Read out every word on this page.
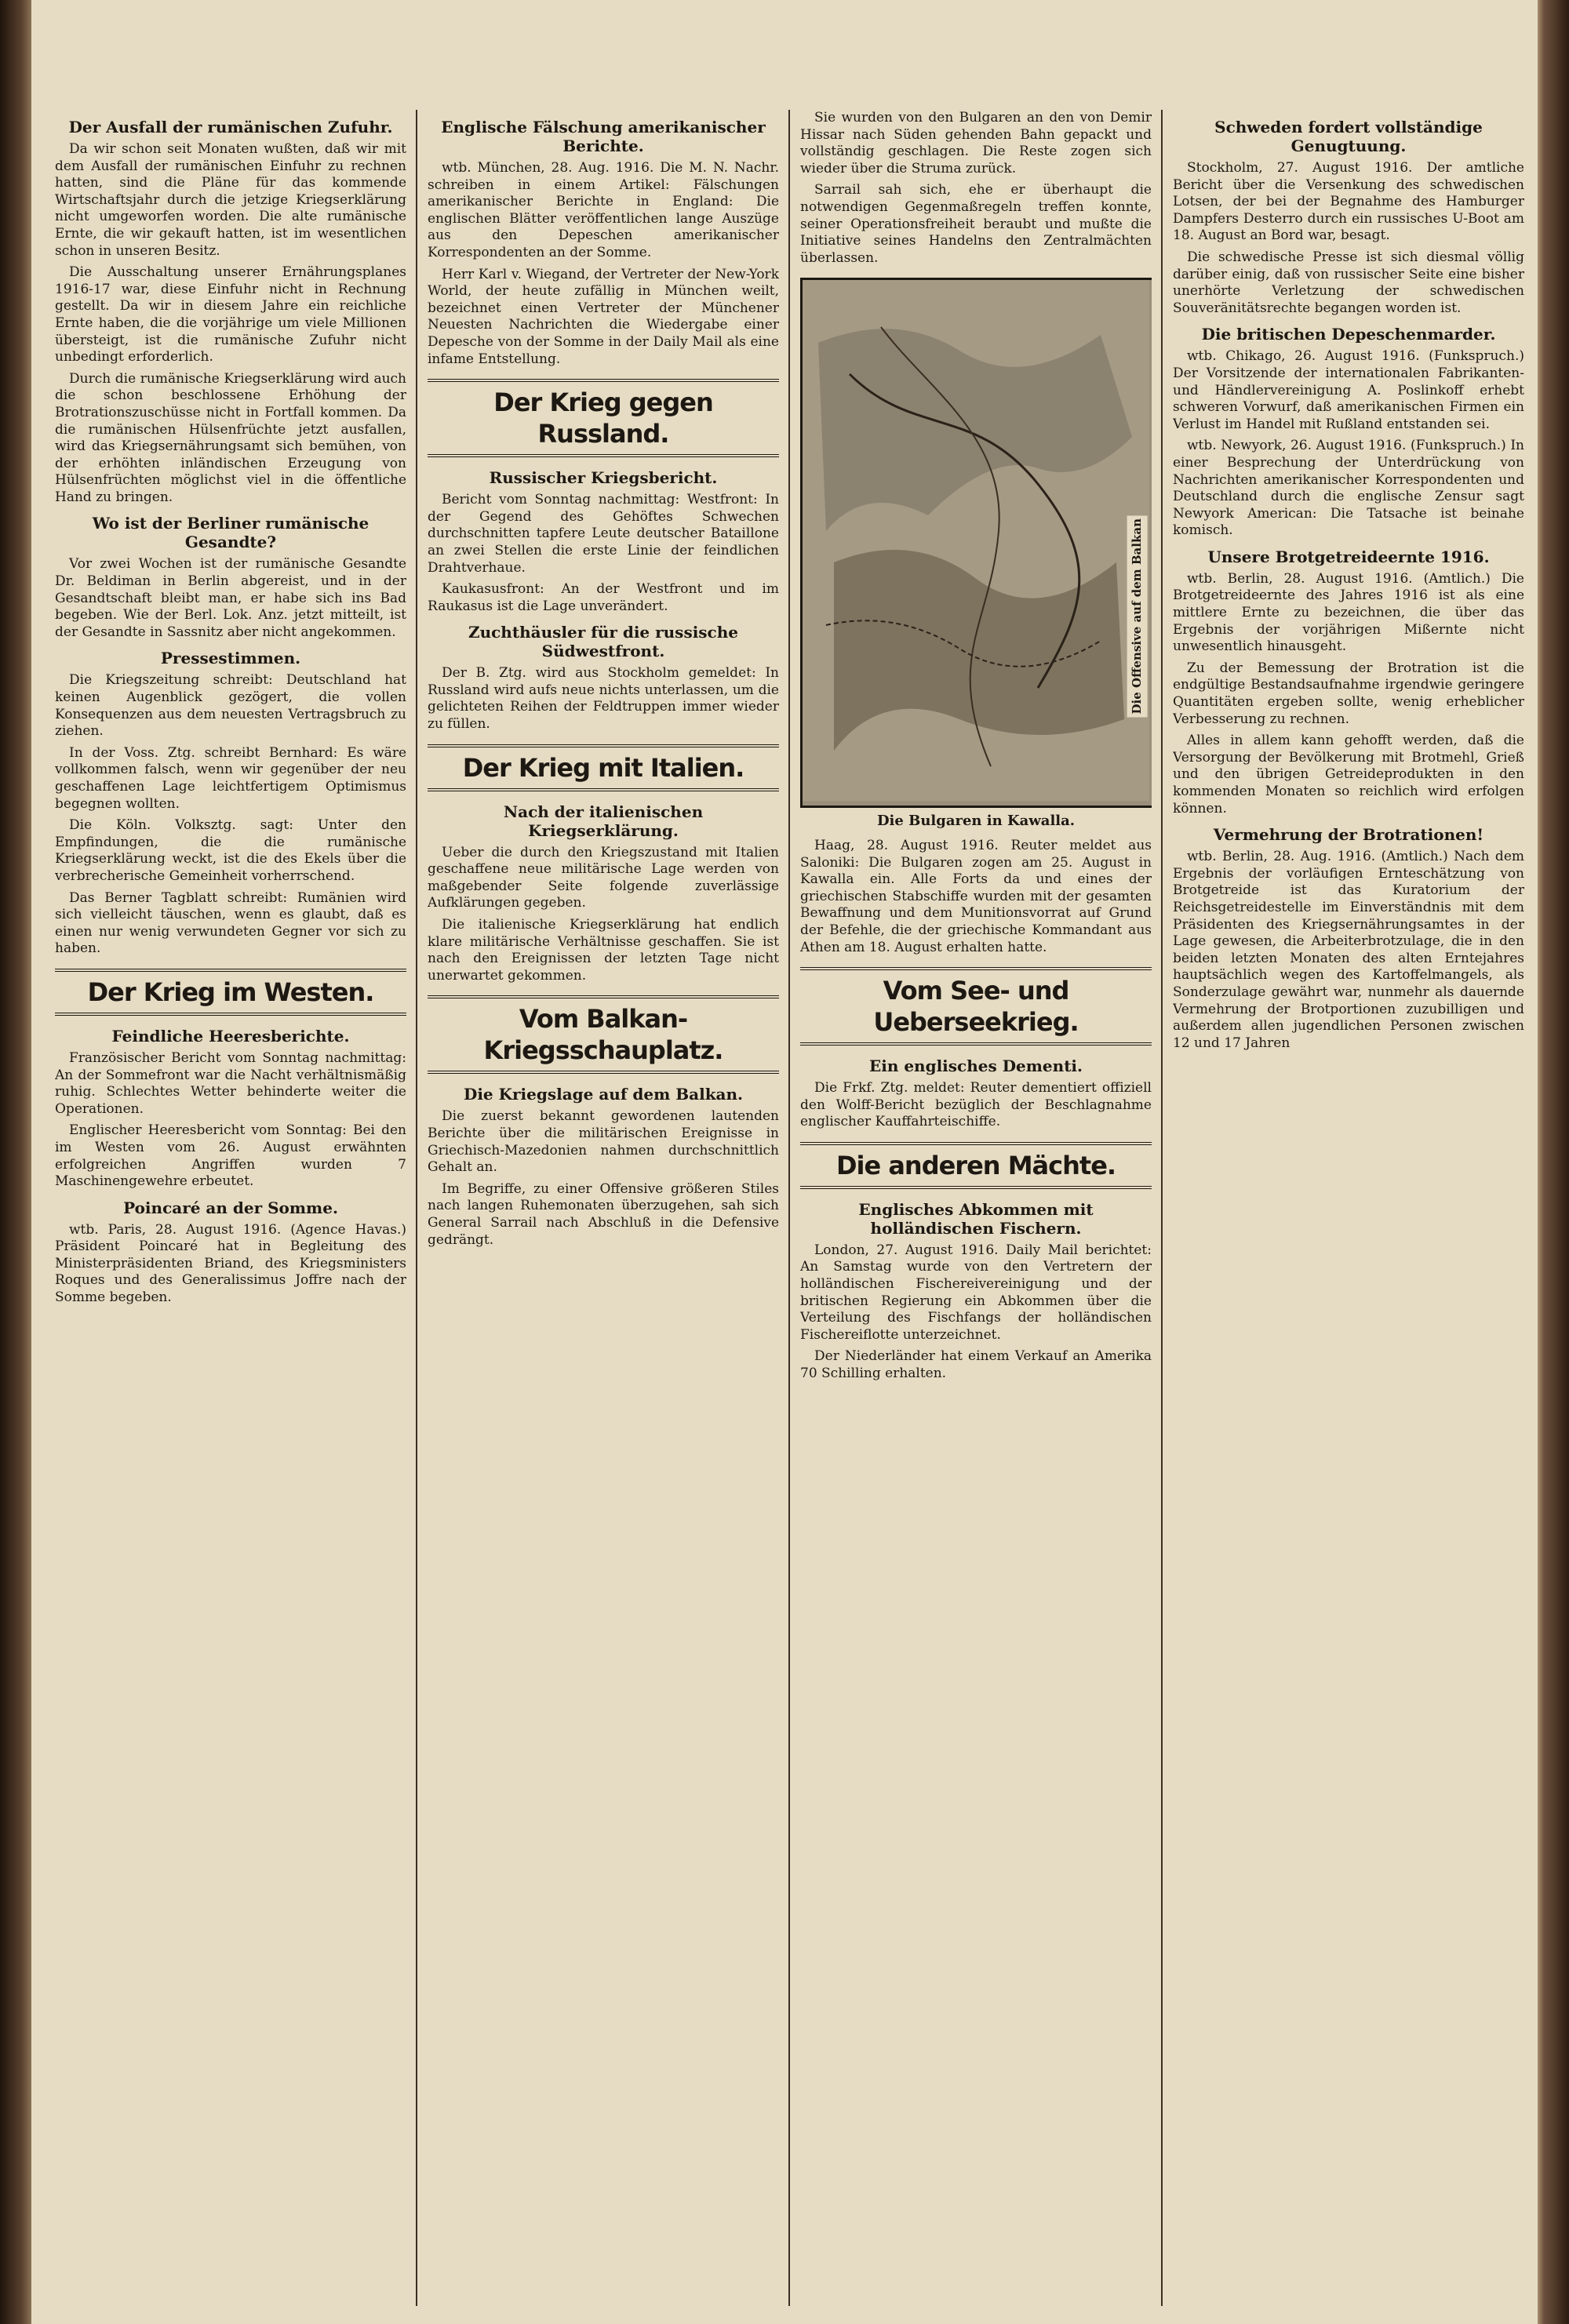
Der Ausfall der rumänischen Zufuhr.

Da wir schon seit Monaten wußten, daß wir mit dem Ausfall der rumänischen Einfuhr zu rechnen hatten, sind die Pläne für das kommende Wirtschaftsjahr durch die jetzige Kriegserklärung nicht umgeworfen worden. Die alte rumänische Ernte, die wir gekauft hatten, ist im wesentlichen schon in unseren Besitz.

Die Ausschaltung unserer Ernährungsplanes 1916-17 war, diese Einfuhr nicht in Rechnung gestellt. Da wir in diesem Jahre ein reichliche Ernte haben, die die vorjährige um viele Millionen übersteigt, ist die rumänische Zufuhr nicht unbedingt erforderlich.

Durch die rumänische Kriegserklärung wird auch die schon beschlossene Erhöhung der Brotrationszuschüsse nicht in Fortfall kommen. Da die rumänischen Hülsenfrüchte jetzt ausfallen, wird das Kriegsernährungsamt sich bemühen, von der erhöhten inländischen Erzeugung von Hülsenfrüchten möglichst viel in die öffentliche Hand zu bringen.

Wo ist der Berliner rumänische Gesandte?

Vor zwei Wochen ist der rumänische Gesandte Dr. Beldiman in Berlin abgereist, und in der Gesandtschaft bleibt man, er habe sich ins Bad begeben. Wie der Berl. Lok. Anz. jetzt mitteilt, ist der Gesandte in Sassnitz aber nicht angekommen.

Pressestimmen.

Die Kriegszeitung schreibt: Deutschland hat keinen Augenblick gezögert, die vollen Konsequenzen aus dem neuesten Vertragsbruch zu ziehen.

In der Voss. Ztg. schreibt Bernhard: Es wäre vollkommen falsch, wenn wir gegenüber der neu geschaffenen Lage leichtfertigem Optimismus begegnen wollten.

Die Köln. Volksztg. sagt: Unter den Empfindungen, die die rumänische Kriegserklärung weckt, ist die des Ekels über die verbrecherische Gemeinheit vorherrschend.

Das Berner Tagblatt schreibt: Rumänien wird sich vielleicht täuschen, wenn es glaubt, daß es einen nur wenig verwundeten Gegner vor sich zu haben.

Der Krieg im Westen.
Feindliche Heeresberichte.

Französischer Bericht vom Sonntag nachmittag: An der Sommefront war die Nacht verhältnismäßig ruhig. Schlechtes Wetter behinderte weiter die Operationen.

Englischer Heeresbericht vom Sonntag: Bei den im Westen vom 26. August erwähnten erfolgreichen Angriffen wurden 7 Maschinengewehre erbeutet.

Poincaré an der Somme.

wtb. Paris, 28. August 1916. (Agence Havas.) Präsident Poincaré hat in Begleitung des Ministerpräsidenten Briand, des Kriegsministers Roques und des Generalissimus Joffre nach der Somme begeben.

Englische Fälschung amerikanischer Berichte.

wtb. München, 28. Aug. 1916. Die M. N. Nachr. schreiben in einem Artikel: Fälschungen amerikanischer Berichte in England: Die englischen Blätter veröffentlichen lange Auszüge aus den Depeschen amerikanischer Korrespondenten an der Somme.

Herr Karl v. Wiegand, der Vertreter der New-York World, der heute zufällig in München weilt, bezeichnet einen Vertreter der Münchener Neuesten Nachrichten die Wiedergabe einer Depesche von der Somme in der Daily Mail als eine infame Entstellung.

Der Krieg gegen Russland.
Russischer Kriegsbericht.

Bericht vom Sonntag nachmittag: Westfront: In der Gegend des Gehöftes Schwechen durchschnitten tapfere Leute deutscher Bataillone an zwei Stellen die erste Linie der feindlichen Drahtverhaue.

Kaukasusfront: An der Westfront und im Raukasus ist die Lage unverändert.

Zuchthäusler für die russische Südwestfront.

Der B. Ztg. wird aus Stockholm gemeldet: In Russland wird aufs neue nichts unterlassen, um die gelichteten Reihen der Feldtruppen immer wieder zu füllen.

Der Krieg mit Italien.
Nach der italienischen Kriegserklärung.

Ueber die durch den Kriegszustand mit Italien geschaffene neue militärische Lage werden von maßgebender Seite folgende zuverlässige Aufklärungen gegeben.

Die italienische Kriegserklärung hat endlich klare militärische Verhältnisse geschaffen. Sie ist nach den Ereignissen der letzten Tage nicht unerwartet gekommen.

Vom Balkan-Kriegsschauplatz.
Die Kriegslage auf dem Balkan.

Die zuerst bekannt gewordenen lautenden Berichte über die militärischen Ereignisse in Griechisch-Mazedonien nahmen durchschnittlich Gehalt an.

Im Begriffe, zu einer Offensive größeren Stiles nach langen Ruhemonaten überzugehen, sah sich General Sarrail nach Abschluß in die Defensive gedrängt.

Sie wurden von den Bulgaren an den von Demir Hissar nach Süden gehenden Bahn gepackt und vollständig geschlagen. Die Reste zogen sich wieder über die Struma zurück.

Sarrail sah sich, ehe er überhaupt die notwendigen Gegenmaßregeln treffen konnte, seiner Operationsfreiheit beraubt und mußte die Initiative seines Handelns den Zentralmächten überlassen.

Die Offensive auf dem Balkan
Die Bulgaren in Kawalla.

Haag, 28. August 1916. Reuter meldet aus Saloniki: Die Bulgaren zogen am 25. August in Kawalla ein. Alle Forts da und eines der griechischen Stabschiffe wurden mit der gesamten Bewaffnung und dem Munitionsvorrat auf Grund der Befehle, die der griechische Kommandant aus Athen am 18. August erhalten hatte.

Vom See- und Ueberseekrieg.
Ein englisches Dementi.

Die Frkf. Ztg. meldet: Reuter dementiert offiziell den Wolff-Bericht bezüglich der Beschlagnahme englischer Kauffahrteischiffe.

Die anderen Mächte.
Englisches Abkommen mit holländischen Fischern.

London, 27. August 1916. Daily Mail berichtet: An Samstag wurde von den Vertretern der holländischen Fischereivereinigung und der britischen Regierung ein Abkommen über die Verteilung des Fischfangs der holländischen Fischereiflotte unterzeichnet.

Der Niederländer hat einem Verkauf an Amerika 70 Schilling erhalten.

Schweden fordert vollständige Genugtuung.

Stockholm, 27. August 1916. Der amtliche Bericht über die Versenkung des schwedischen Lotsen, der bei der Begnahme des Hamburger Dampfers Desterro durch ein russisches U-Boot am 18. August an Bord war, besagt.

Die schwedische Presse ist sich diesmal völlig darüber einig, daß von russischer Seite eine bisher unerhörte Verletzung der schwedischen Souveränitätsrechte begangen worden ist.

Die britischen Depeschenmarder.

wtb. Chikago, 26. August 1916. (Funkspruch.) Der Vorsitzende der internationalen Fabrikanten- und Händlervereinigung A. Poslinkoff erhebt schweren Vorwurf, daß amerikanischen Firmen ein Verlust im Handel mit Rußland entstanden sei.

wtb. Newyork, 26. August 1916. (Funkspruch.) In einer Besprechung der Unterdrückung von Nachrichten amerikanischer Korrespondenten und Deutschland durch die englische Zensur sagt Newyork American: Die Tatsache ist beinahe komisch.

Unsere Brotgetreideernte 1916.

wtb. Berlin, 28. August 1916. (Amtlich.) Die Brotgetreideernte des Jahres 1916 ist als eine mittlere Ernte zu bezeichnen, die über das Ergebnis der vorjährigen Mißernte nicht unwesentlich hinausgeht.

Zu der Bemessung der Brotration ist die endgültige Bestandsaufnahme irgendwie geringere Quantitäten ergeben sollte, wenig erheblicher Verbesserung zu rechnen.

Alles in allem kann gehofft werden, daß die Versorgung der Bevölkerung mit Brotmehl, Grieß und den übrigen Getreideprodukten in den kommenden Monaten so reichlich wird erfolgen können.

Vermehrung der Brotrationen!

wtb. Berlin, 28. Aug. 1916. (Amtlich.) Nach dem Ergebnis der vorläufigen Ernteschätzung von Brotgetreide ist das Kuratorium der Reichsgetreidestelle im Einverständnis mit dem Präsidenten des Kriegsernährungsamtes in der Lage gewesen, die Arbeiterbrotzulage, die in den beiden letzten Monaten des alten Erntejahres hauptsächlich wegen des Kartoffelmangels, als Sonderzulage gewährt war, nunmehr als dauernde Vermehrung der Brotportionen zuzubilligen und außerdem allen jugendlichen Personen zwischen 12 und 17 Jahren
